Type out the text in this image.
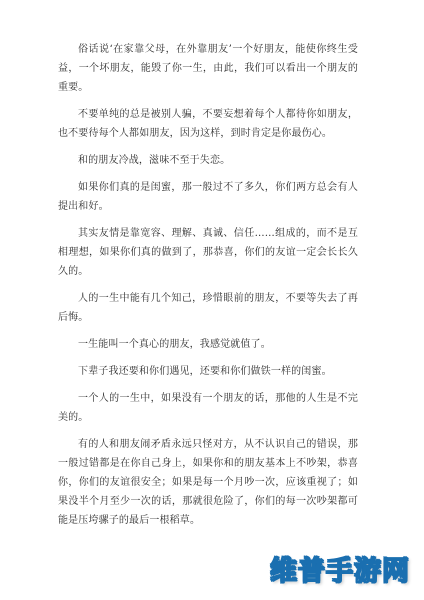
俗话说‘在家靠父母，在外靠朋友’一个好朋友，能使你终生受益，一个坏朋友，能毁了你一生，由此，我们可以看出一个朋友的重要。

不要单纯的总是被别人骗，不要妄想着每个人都待你如朋友，也不要待每个人都如朋友，因为这样，到时肯定是你最伤心。

和的朋友冷战，滋味不至于失恋。

如果你们真的是闺蜜，那一般过不了多久，你们两方总会有人提出和好。

其实友情是靠宽容、理解、真诚、信任……组成的，而不是互相理想，如果你们真的做到了，那恭喜，你们的友谊一定会长长久久的。

人的一生中能有几个知己，珍惜眼前的朋友，不要等失去了再后悔。

一生能叫一个真心的朋友，我感觉就值了。

下辈子我还要和你们遇见，还要和你们做铁一样的闺蜜。

一个人的一生中，如果没有一个朋友的话，那他的人生是不完美的。

有的人和朋友闹矛盾永远只怪对方，从不认识自己的错误，那一般过错都是在你自己身上，如果你和的朋友基本上不吵架，恭喜你，你们的友谊很安全；如果是每一个月吵一次，应该重视了；如果没半个月至少一次的话，那就很危险了，你们的每一次吵架都可能是压垮骡子的最后一根稻草。

维普手游网
